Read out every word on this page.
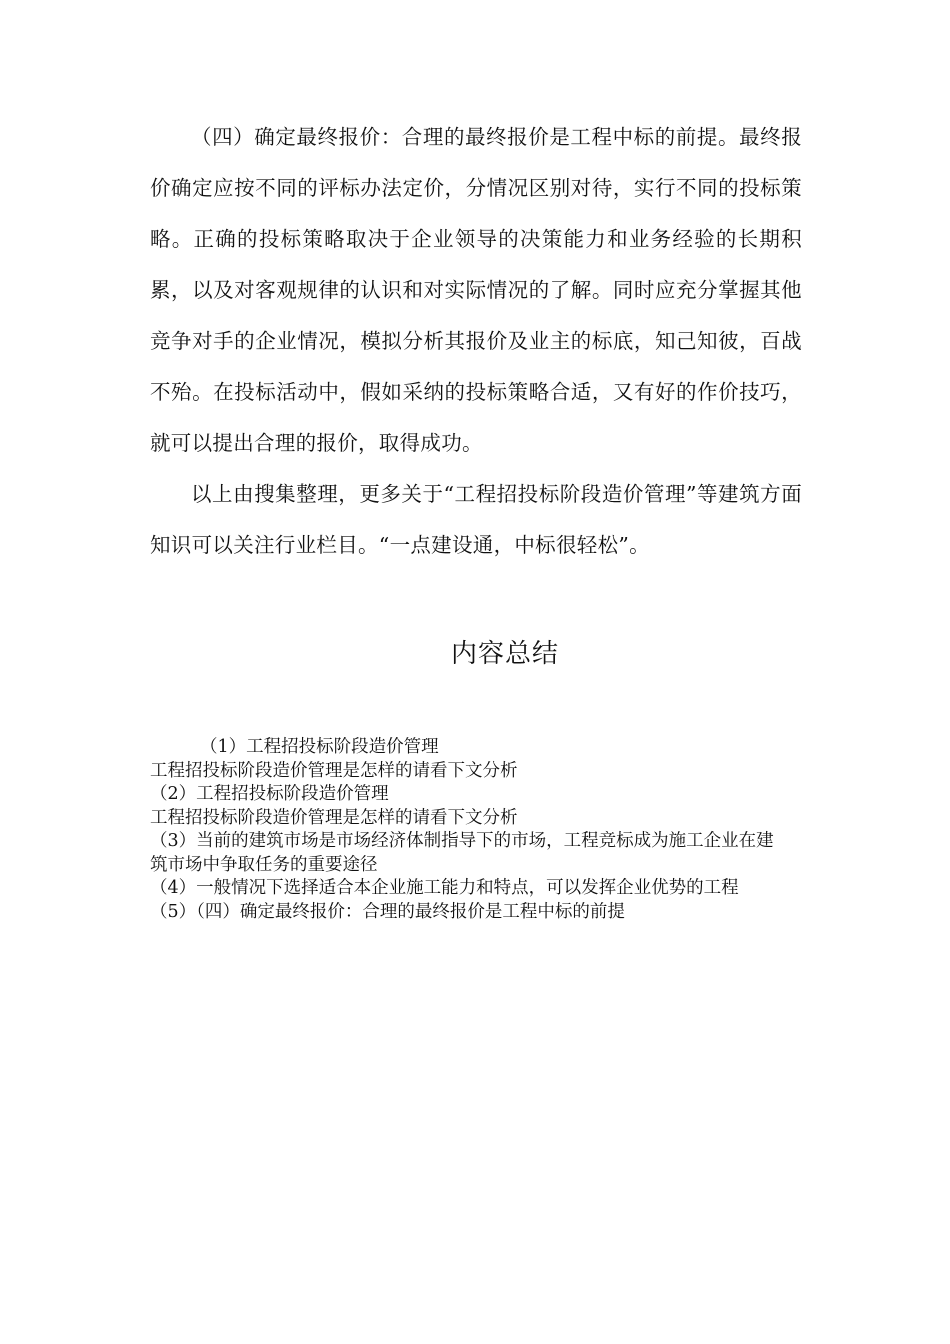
（四）确定最终报价：合理的最终报价是工程中标的前提。最终报价确定应按不同的评标办法定价，分情况区别对待，实行不同的投标策略。正确的投标策略取决于企业领导的决策能力和业务经验的长期积累，以及对客观规律的认识和对实际情况的了解。同时应充分掌握其他竞争对手的企业情况，模拟分析其报价及业主的标底，知己知彼，百战不殆。在投标活动中，假如采纳的投标策略合适，又有好的作价技巧，就可以提出合理的报价，取得成功。

以上由搜集整理，更多关于“工程招投标阶段造价管理”等建筑方面知识可以关注行业栏目。“一点建设通，中标很轻松”。

内容总结
（1）工程招投标阶段造价管理
工程招投标阶段造价管理是怎样的请看下文分析
（2）工程招投标阶段造价管理
工程招投标阶段造价管理是怎样的请看下文分析
（3）当前的建筑市场是市场经济体制指导下的市场，工程竞标成为施工企业在建筑市场中争取任务的重要途径
（4）一般情况下选择适合本企业施工能力和特点，可以发挥企业优势的工程
（5）（四）确定最终报价：合理的最终报价是工程中标的前提
